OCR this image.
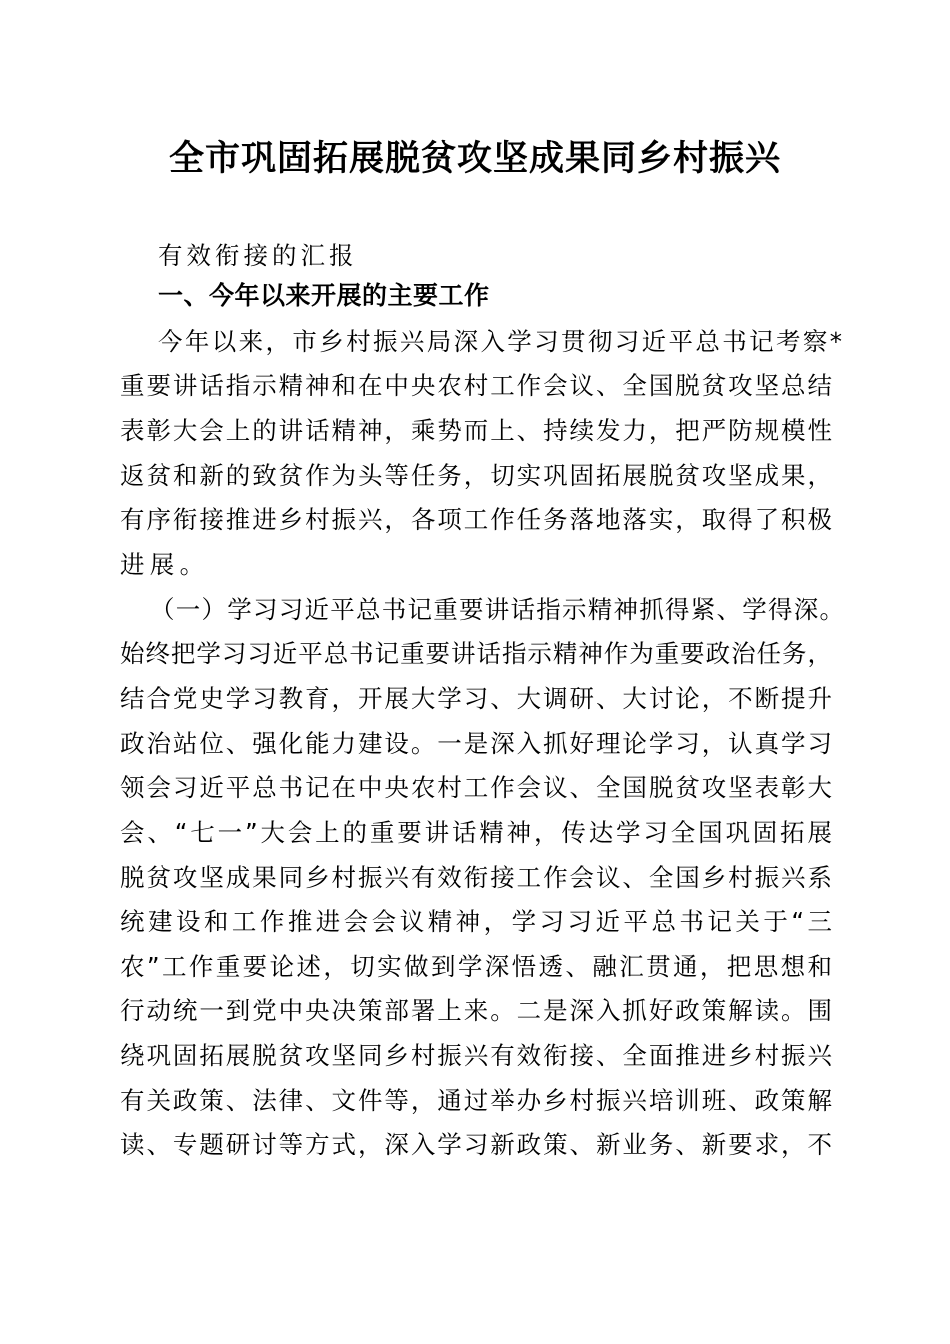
全市巩固拓展脱贫攻坚成果同乡村振兴
有效衔接的汇报
一、今年以来开展的主要工作
今年以来，市乡村振兴局深入学习贯彻习近平总书记考察*
重要讲话指示精神和在中央农村工作会议、全国脱贫攻坚总结
表彰大会上的讲话精神，乘势而上、持续发力，把严防规模性
返贫和新的致贫作为头等任务，切实巩固拓展脱贫攻坚成果，
有序衔接推进乡村振兴，各项工作任务落地落实，取得了积极
进展。
（一）学习习近平总书记重要讲话指示精神抓得紧、学得深。
始终把学习习近平总书记重要讲话指示精神作为重要政治任务，
结合党史学习教育，开展大学习、大调研、大讨论，不断提升
政治站位、强化能力建设。一是深入抓好理论学习，认真学习
领会习近平总书记在中央农村工作会议、全国脱贫攻坚表彰大
会、“七一”大会上的重要讲话精神，传达学习全国巩固拓展
脱贫攻坚成果同乡村振兴有效衔接工作会议、全国乡村振兴系
统建设和工作推进会会议精神，学习习近平总书记关于“三
农”工作重要论述，切实做到学深悟透、融汇贯通，把思想和
行动统一到党中央决策部署上来。二是深入抓好政策解读。围
绕巩固拓展脱贫攻坚同乡村振兴有效衔接、全面推进乡村振兴
有关政策、法律、文件等，通过举办乡村振兴培训班、政策解
读、专题研讨等方式，深入学习新政策、新业务、新要求，不
